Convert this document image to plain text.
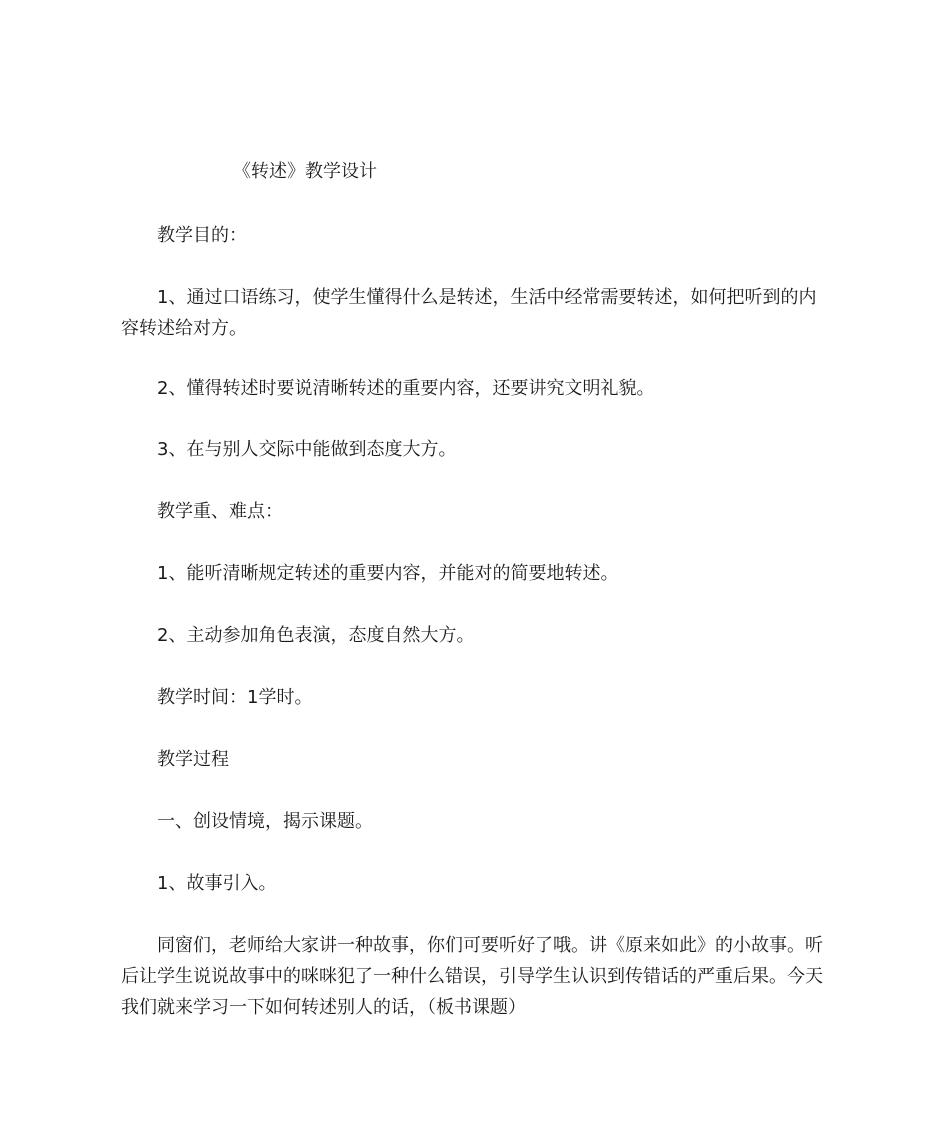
《转述》教学设计

教学目的：

1、通过口语练习，使学生懂得什么是转述，生活中经常需要转述，如何把听到的内容转述给对方。

2、懂得转述时要说清晰转述的重要内容，还要讲究文明礼貌。

3、在与别人交际中能做到态度大方。

教学重、难点：

1、能听清晰规定转述的重要内容，并能对的简要地转述。

2、主动参加角色表演，态度自然大方。

教学时间：1学时。

教学过程

一、创设情境，揭示课题。

1、故事引入。

同窗们，老师给大家讲一种故事，你们可要听好了哦。讲《原来如此》的小故事。听后让学生说说故事中的咪咪犯了一种什么错误，引导学生认识到传错话的严重后果。今天我们就来学习一下如何转述别人的话，（板书课题）
